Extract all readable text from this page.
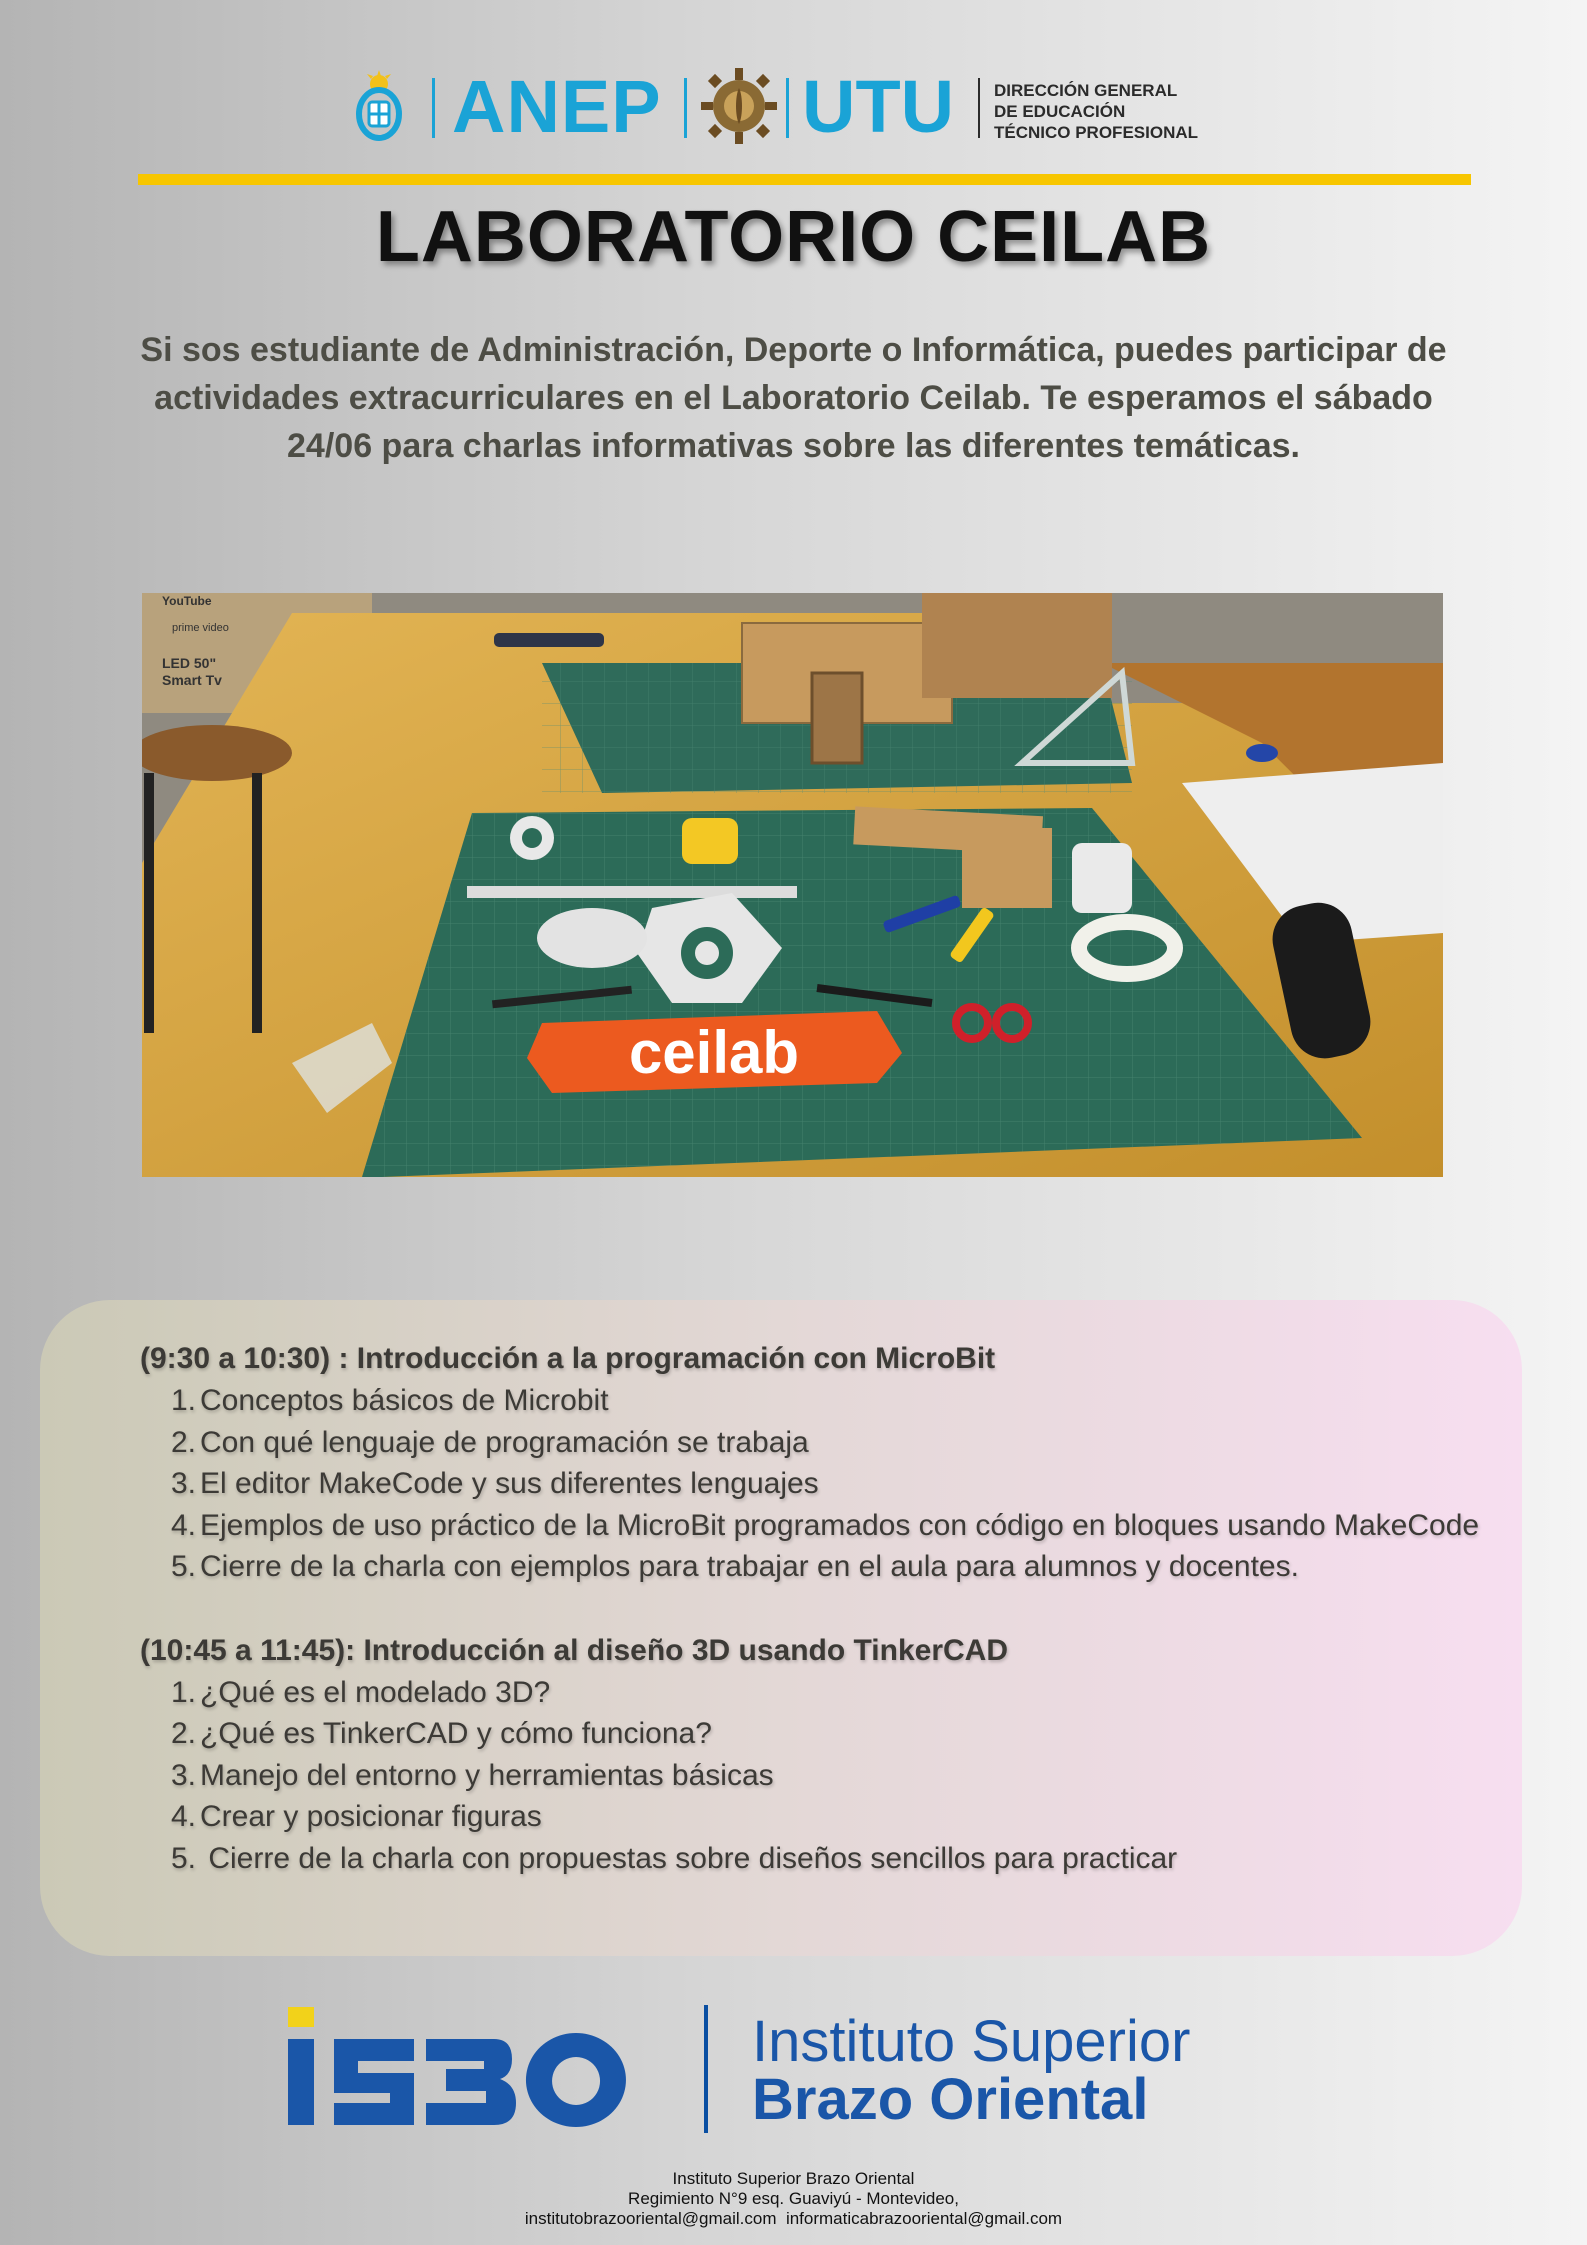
ANEP UTU DIRECCIÓN GENERAL
DE EDUCACIÓN
TÉCNICO PROFESIONAL
LABORATORIO CEILAB
Si sos estudiante de Administración, Deporte o Informática, puedes participar de actividades extracurriculares en el Laboratorio Ceilab. Te esperamos el sábado 24/06 para charlas informativas sobre las diferentes temáticas.
ceilab
YouTube
prime video
LED 50"
Smart Tv

(9:30 a 10:30) : Introducción a la programación con MicroBit

1. Conceptos básicos de Microbit
2. Con qué lenguaje de programación se trabaja
3. El editor MakeCode y sus diferentes lenguajes
4. Ejemplos de uso práctico de la MicroBit programados con código en bloques usando MakeCode
5. Cierre de la charla con ejemplos para trabajar en el aula para alumnos y docentes.

(10:45 a 11:45): Introducción al diseño 3D usando TinkerCAD

1. ¿Qué es el modelado 3D?
2. ¿Qué es TinkerCAD y cómo funciona?
3. Manejo del entorno y herramientas básicas
4. Crear y posicionar figuras
5. Cierre de la charla con propuestas sobre diseños sencillos para practicar
Instituto Superior
Brazo Oriental
Instituto Superior Brazo Oriental
Regimiento N°9 esq. Guaviyú - Montevideo,
institutobrazooriental@gmail.com  informaticabrazooriental@gmail.com
